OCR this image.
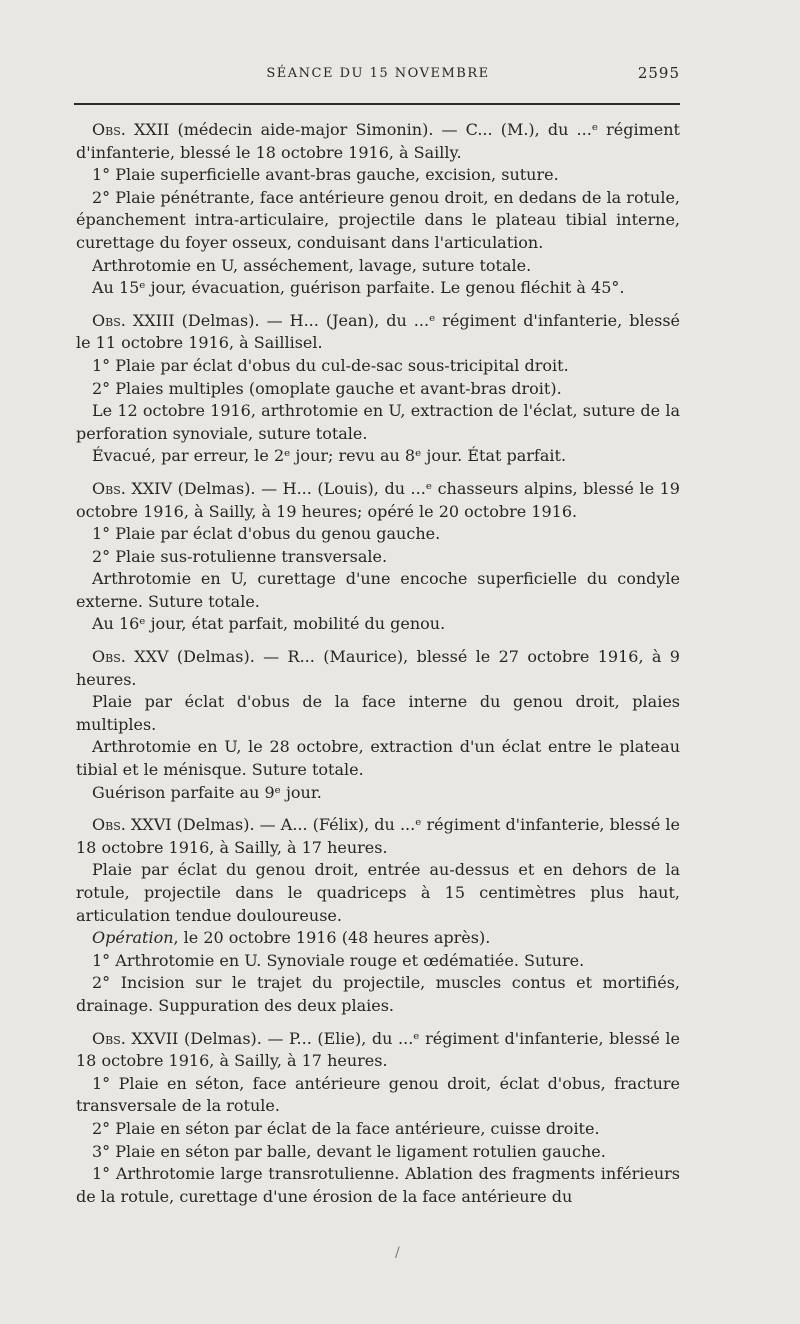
SÉANCE DU 15 NOVEMBRE	2595

Obs. XXII (médecin aide-major Simonin). — C... (M.), du ...ᵉ régiment d'infanterie, blessé le 18 octobre 1916, à Sailly.

1° Plaie superficielle avant-bras gauche, excision, suture.

2° Plaie pénétrante, face antérieure genou droit, en dedans de la rotule, épanchement intra-articulaire, projectile dans le plateau tibial interne, curettage du foyer osseux, conduisant dans l'articulation.

Arthrotomie en U, asséchement, lavage, suture totale.

Au 15ᵉ jour, évacuation, guérison parfaite. Le genou fléchit à 45°.

Obs. XXIII (Delmas). — H... (Jean), du ...ᵉ régiment d'infanterie, blessé le 11 octobre 1916, à Saillisel.

1° Plaie par éclat d'obus du cul-de-sac sous-tricipital droit.

2° Plaies multiples (omoplate gauche et avant-bras droit).

Le 12 octobre 1916, arthrotomie en U, extraction de l'éclat, suture de la perforation synoviale, suture totale.

Évacué, par erreur, le 2ᵉ jour; revu au 8ᵉ jour. État parfait.

Obs. XXIV (Delmas). — H... (Louis), du ...ᵉ chasseurs alpins, blessé le 19 octobre 1916, à Sailly, à 19 heures; opéré le 20 octobre 1916.

1° Plaie par éclat d'obus du genou gauche.

2° Plaie sus-rotulienne transversale.

Arthrotomie en U, curettage d'une encoche superficielle du condyle externe. Suture totale.

Au 16ᵉ jour, état parfait, mobilité du genou.

Obs. XXV (Delmas). — R... (Maurice), blessé le 27 octobre 1916, à 9 heures.

Plaie par éclat d'obus de la face interne du genou droit, plaies multiples.

Arthrotomie en U, le 28 octobre, extraction d'un éclat entre le plateau tibial et le ménisque. Suture totale.

Guérison parfaite au 9ᵉ jour.

Obs. XXVI (Delmas). — A... (Félix), du ...ᵉ régiment d'infanterie, blessé le 18 octobre 1916, à Sailly, à 17 heures.

Plaie par éclat du genou droit, entrée au-dessus et en dehors de la rotule, projectile dans le quadriceps à 15 centimètres plus haut, articulation tendue douloureuse.

Opération, le 20 octobre 1916 (48 heures après).

1° Arthrotomie en U. Synoviale rouge et œdématiée. Suture.

2° Incision sur le trajet du projectile, muscles contus et mortifiés, drainage. Suppuration des deux plaies.

Obs. XXVII (Delmas). — P... (Elie), du ...ᵉ régiment d'infanterie, blessé le 18 octobre 1916, à Sailly, à 17 heures.

1° Plaie en séton, face antérieure genou droit, éclat d'obus, fracture transversale de la rotule.

2° Plaie en séton par éclat de la face antérieure, cuisse droite.

3° Plaie en séton par balle, devant le ligament rotulien gauche.

1° Arthrotomie large transrotulienne. Ablation des fragments inférieurs de la rotule, curettage d'une érosion de la face antérieure du

/
